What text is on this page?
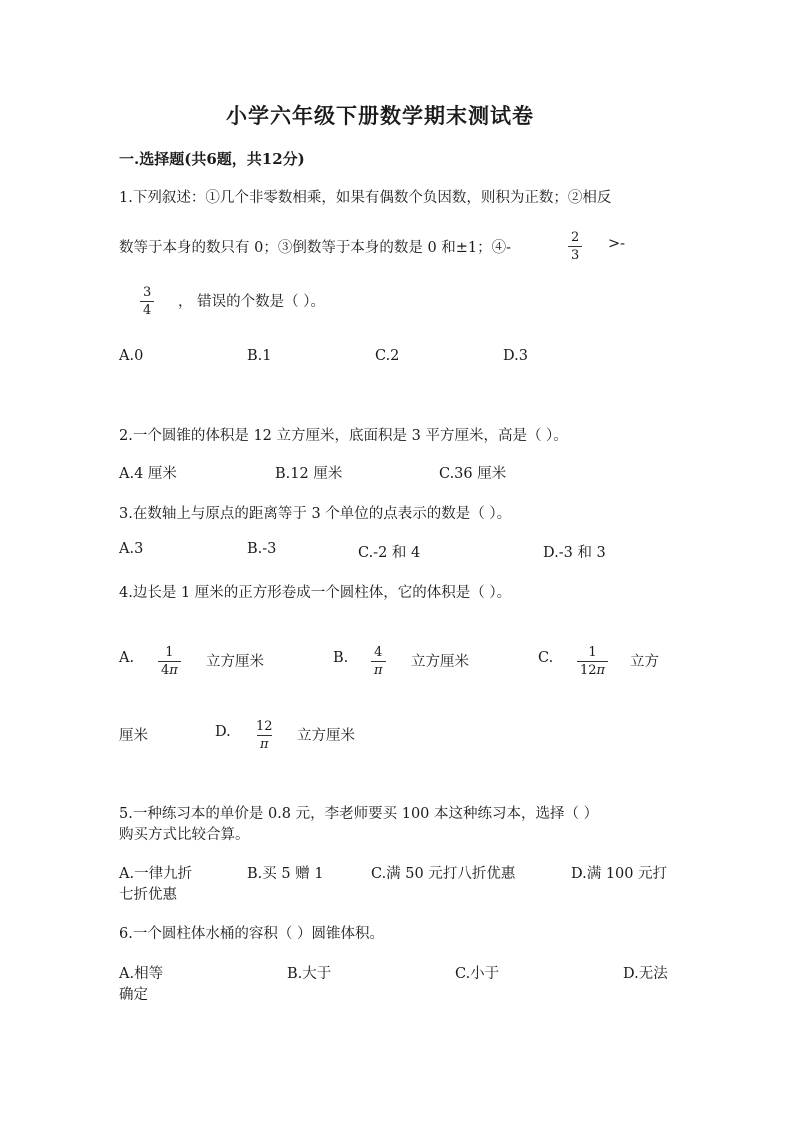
小学六年级下册数学期末测试卷
一.选择题(共6题，共12分)
1.下列叙述：①几个非零数相乘，如果有偶数个负因数，则积为正数；②相反
数等于本身的数只有 0；③倒数等于本身的数是 0 和±1；④-	$\frac{2}{3}$ >-
$\frac{3}{4}$ ， 错误的个数是（ ）。
A.0	B.1	C.2	D.3
2.一个圆锥的体积是 12 立方厘米，底面积是 3 平方厘米，高是（ ）。
A.4 厘米	B.12 厘米	C.36 厘米
3.在数轴上与原点的距离等于 3 个单位的点表示的数是（ ）。
A.3	B.-3	C.-2 和 4	D.-3 和 3
4.边长是 1 厘米的正方形卷成一个圆柱体，它的体积是（ ）。
A. $\frac{1}{4\pi}$ 立方厘米	B. $\frac{4}{\pi}$ 立方厘米	C. $\frac{1}{12\pi}$ 立方
厘米	D. $\frac{12}{\pi}$ 立方厘米
5.一种练习本的单价是 0.8 元，李老师要买 100 本这种练习本，选择（ ）
购买方式比较合算。
A.一律九折	B.买 5 赠 1	C.满 50 元打八折优惠	D.满 100 元打
七折优惠
6.一个圆柱体水桶的容积（ ）圆锥体积。
A.相等	B.大于	C.小于	D.无法
确定
